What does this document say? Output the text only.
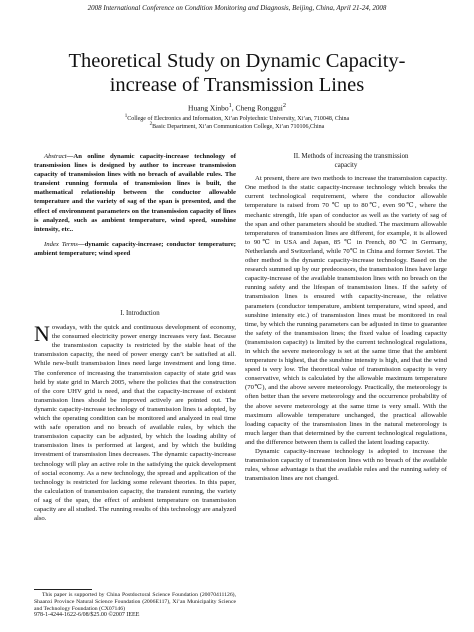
2008 International Conference on Condition Monitoring and Diagnosis, Beijing, China, April 21-24, 2008
Theoretical Study on Dynamic Capacity-
increase of Transmission Lines
Huang Xinbo$^1$, Cheng Ronggui$^2$
$^1$College of Electronics and Information, Xi’an Polytechnic University, Xi’an, 710048, China
$^2$Basic Department, Xi’an Communication College, Xi’an 710106,China

Abstract—An online dynamic capacity-increase technology of transmission lines is designed by author to increase transmission capacity of transmission lines with no breach of available rules. The transient running formula of transmission lines is built, the mathematical relationship between the conductor allowable temperature and the variety of sag of the span is presented, and the effect of environment parameters on the transmission capacity of lines is analyzed, such as ambient temperature, wind speed, sunshine intensity, etc..

Index Terms—dynamic capacity-increase; conductor temperature; ambient temperature; wind speed

I. Introduction

Nowadays, with the quick and continuous development of economy, the consumed electricity power energy increases very fast. Because the transmission capacity is restricted by the stable heat of the transmission capacity, the need of power energy can’t be satisfied at all. While new-built transmission lines need large investment and long time. The conference of increasing the transmission capacity of state grid was held by state grid in March 2005, where the policies that the construction of the core UHV grid is need, and that the capacity-increase of existent transmission lines should be improved actively are pointed out. The dynamic capacity-increase technology of transmission lines is adopted, by which the operating condition can be monitored and analyzed in real time with safe operation and no breach of available rules, by which the transmission capacity can be adjusted, by which the loading ability of transmission lines is performed at largest, and by which the building investment of transmission lines decreases. The dynamic capacity-increase technology will play an active role in the satisfying the quick development of social economy. As a new technology, the spread and application of the technology is restricted for lacking some relevant theories. In this paper, the calculation of transmission capacity, the transient running, the variety of sag of the span, the effect of ambient temperature on transmission capacity are all studied. The running results of this technology are analyzed also.

II. Methods of increasing the transmission
capacity

At present, there are two methods to increase the transmission capacity. One method is the static capacity-increase technology which breaks the current technological requirement, where the conductor allowable temperature is raised from 70 ℃ up to 80℃, even 90℃, where the mechanic strength, life span of conductor as well as the variety of sag of the span and other parameters should be studied. The maximum allowable temperatures of transmission lines are different, for example, it is allowed to 90℃ in USA and Japan, 85 ℃ in French, 80 ℃ in Germany, Netherlands and Switzerland, while 70℃ in China and former Soviet. The other method is the dynamic capacity-increase technology. Based on the research summed up by our predecessors, the transmission lines have large capacity-increase of the available transmission lines with no breach on the running safety and the lifespan of transmission lines. If the safety of transmission lines is ensured with capacity-increase, the relative parameters (conductor temperature, ambient temperature, wind speed, and sunshine intensity etc.) of transmission lines must be monitored in real time, by which the running parameters can be adjusted in time to guarantee the safety of the transmission lines; the fixed value of loading capacity (transmission capacity) is limited by the current technological regulations, in which the severe meteorology is set at the same time that the ambient temperature is highest, that the sunshine intensity is high, and that the wind speed is very low. The theoretical value of transmission capacity is very conservative, which is calculated by the allowable maximum temperature (70℃), and the above severe meteorology. Practically, the meteorology is often better than the severe meteorology and the occurrence probability of the above severe meteorology at the same time is very small. With the maximum allowable temperature unchanged, the practical allowable loading capacity of the transmission lines in the natural meteorology is much larger than that determined by the current technological regulations, and the difference between them is called the latent loading capacity.

Dynamic capacity-increase technology is adopted to increase the transmission capacity of transmission lines with no breach of the available rules, whose advantage is that the available rules and the running safety of transmission lines are not changed.

This paper is supported by China Postdoctoral Science Foundation (20070411126), Shaanxi Province Natural Science Foundation (2006E117), Xi’an Municipality Science and Technology Foundation (CX07146)
978-1-4244-1622-6/08/$25.00 ©2007 IEEE
